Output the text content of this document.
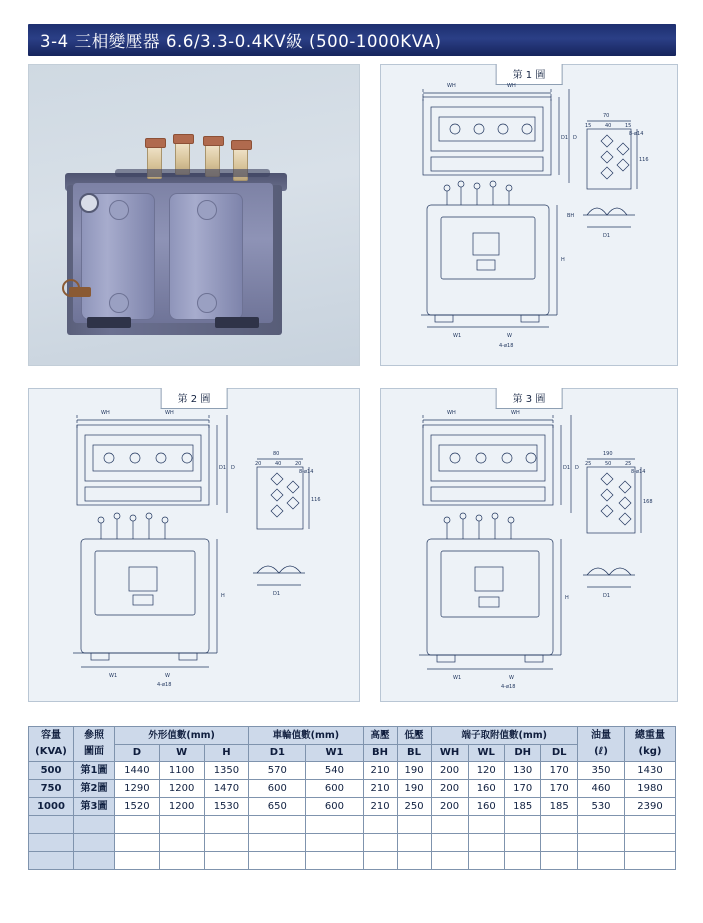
3-4 三相變壓器 6.6/3.3-0.4KV級 (500-1000KVA)
第 1 圖
WH	WH
D1 D
W1	W
4-ø18
70
15	40	15
8-ø14
116
D1
H
BH
第 2 圖
WH	WH
D1 D
W1	W
4-ø18
80
20	40	20
8-ø14
116
D1
H
第 3 圖
WH	WH
D1 D
W1	W
4-ø18
190
25	50	25
8-ø14
168
D1
H
容量
(KVA)

參照
圖面
	外形值數(mm)	車輪值數(mm)	高壓	低壓	端子取附值數(mm)	油量
(ℓ)

總重量
(kg)

		D	W	H	D1	W1	BH	BL	WH	WL	DH	DL		
500	第1圖	1440	1100	1350	570	540	210	190	200	120	130	170	350	1430
750	第2圖	1290	1200	1470	600	600	210	190	200	160	170	170	460	1980
1000	第3圖	1520	1200	1530	650	600	210	250	200	160	185	185	530	2390
